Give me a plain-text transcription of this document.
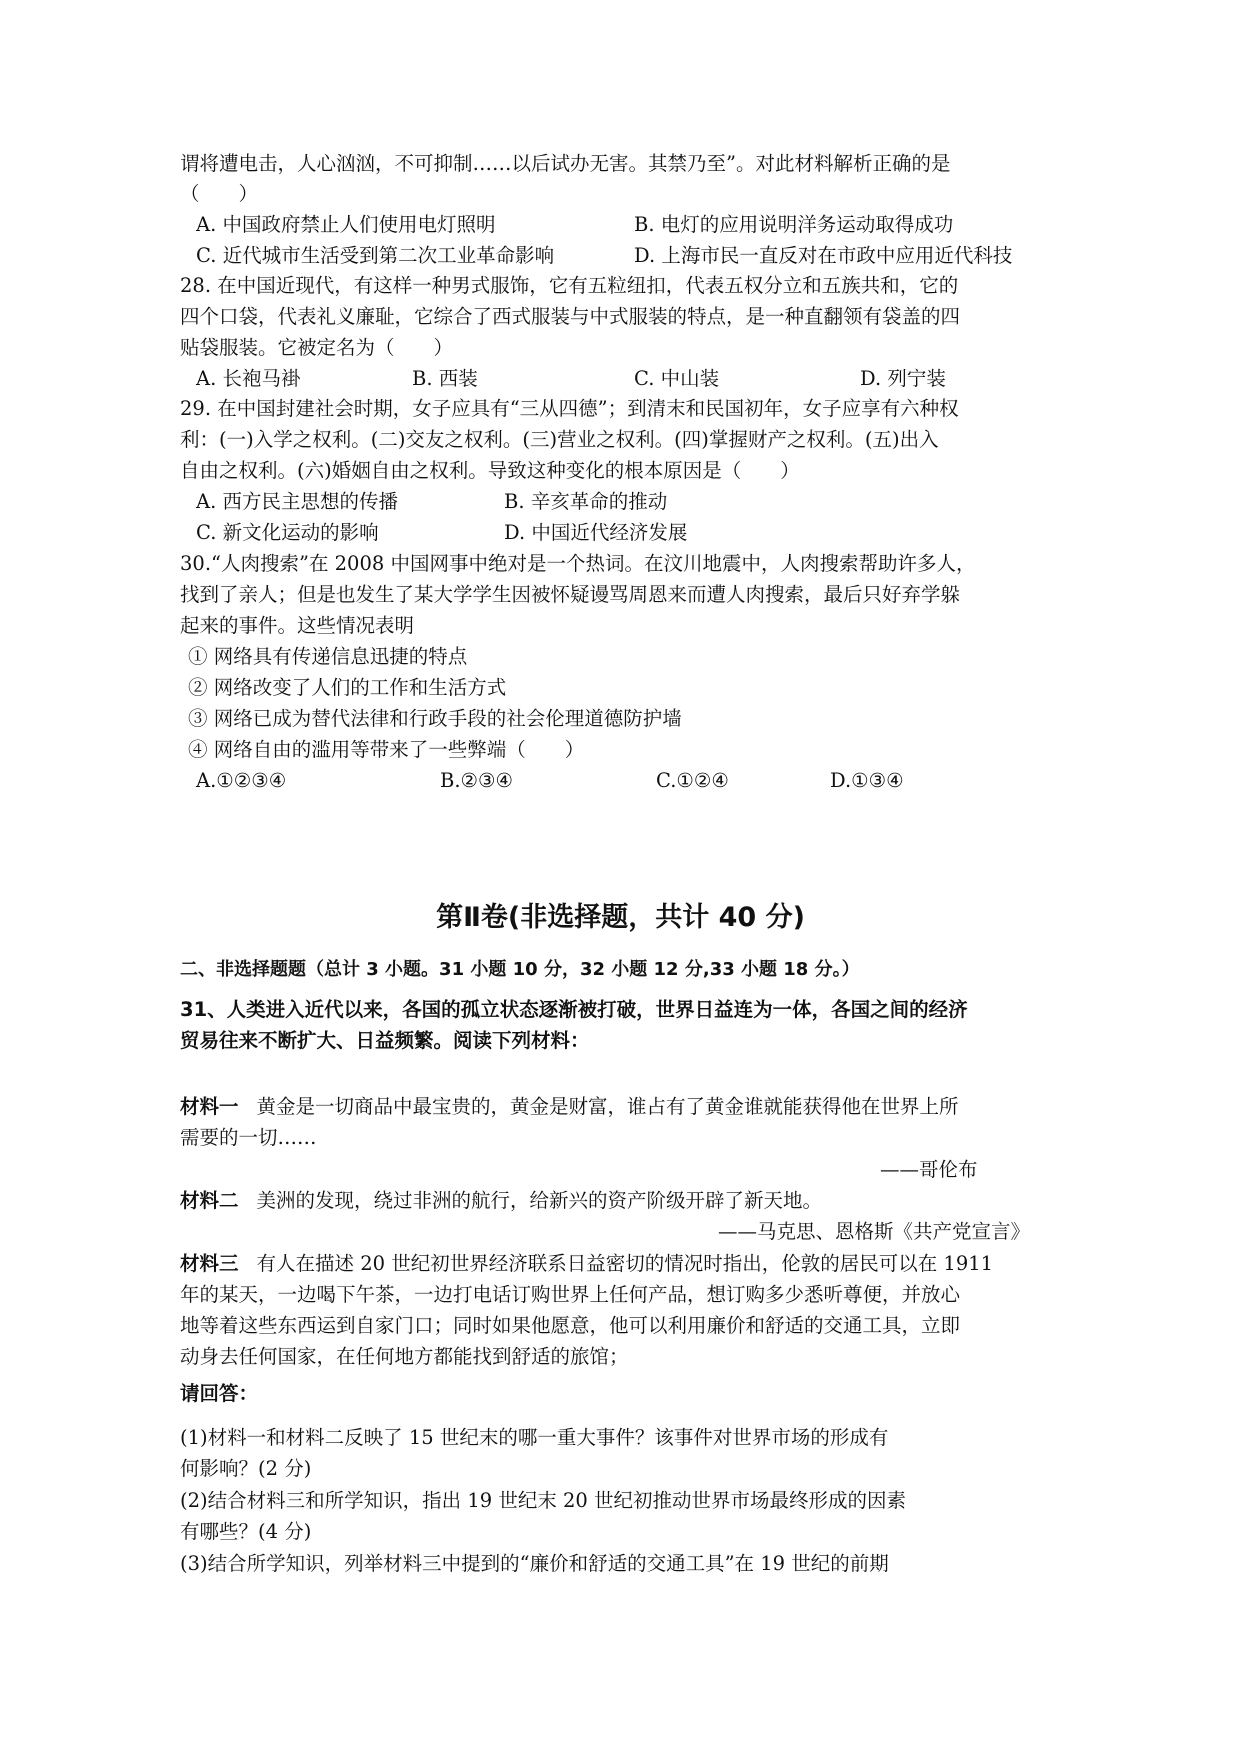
谓将遭电击，人心汹汹，不可抑制……以后试办无害。其禁乃至”。对此材料解析正确的是
（　　）
A. 中国政府禁止人们使用电灯照明	B. 电灯的应用说明洋务运动取得成功
C. 近代城市生活受到第二次工业革命影响	D. 上海市民一直反对在市政中应用近代科技
28. 在中国近现代，有这样一种男式服饰，它有五粒纽扣，代表五权分立和五族共和，它的
四个口袋，代表礼义廉耻，它综合了西式服装与中式服装的特点，是一种直翻领有袋盖的四
贴袋服装。它被定名为（　　）
A. 长袍马褂	B. 西装	C. 中山装	D. 列宁装
29. 在中国封建社会时期，女子应具有“三从四德”；到清末和民国初年，女子应享有六种权
利：(一)入学之权利。(二)交友之权利。(三)营业之权利。(四)掌握财产之权利。(五)出入
自由之权利。(六)婚姻自由之权利。导致这种变化的根本原因是（　　）
A. 西方民主思想的传播	B. 辛亥革命的推动
C. 新文化运动的影响	D. 中国近代经济发展
30.“人肉搜索”在 2008 中国网事中绝对是一个热词。在汶川地震中，人肉搜索帮助许多人，
找到了亲人；但是也发生了某大学学生因被怀疑谩骂周恩来而遭人肉搜索，最后只好弃学躲
起来的事件。这些情况表明
① 网络具有传递信息迅捷的特点
② 网络改变了人们的工作和生活方式
③ 网络已成为替代法律和行政手段的社会伦理道德防护墙
④ 网络自由的滥用等带来了一些弊端（　　）
A.①②③④	B.②③④	C.①②④	D.①③④
第Ⅱ卷(非选择题，共计 40 分)
二、非选择题题（总计 3 小题。31 小题 10 分，32 小题 12 分,33 小题 18 分。）
31、人类进入近代以来，各国的孤立状态逐渐被打破，世界日益连为一体，各国之间的经济
贸易往来不断扩大、日益频繁。阅读下列材料：
材料一 黄金是一切商品中最宝贵的，黄金是财富，谁占有了黄金谁就能获得他在世界上所
需要的一切……
——哥伦布
材料二 美洲的发现，绕过非洲的航行，给新兴的资产阶级开辟了新天地。
——马克思、恩格斯《共产党宣言》
材料三 有人在描述 20 世纪初世界经济联系日益密切的情况时指出，伦敦的居民可以在 1911
年的某天，一边喝下午茶，一边打电话订购世界上任何产品，想订购多少悉听尊便，并放心
地等着这些东西运到自家门口；同时如果他愿意，他可以利用廉价和舒适的交通工具，立即
动身去任何国家，在任何地方都能找到舒适的旅馆；
请回答：
(1)材料一和材料二反映了 15 世纪末的哪一重大事件？该事件对世界市场的形成有
何影响？(2 分)
(2)结合材料三和所学知识，指出 19 世纪末 20 世纪初推动世界市场最终形成的因素
有哪些？(4 分)
(3)结合所学知识，列举材料三中提到的“廉价和舒适的交通工具”在 19 世纪的前期
